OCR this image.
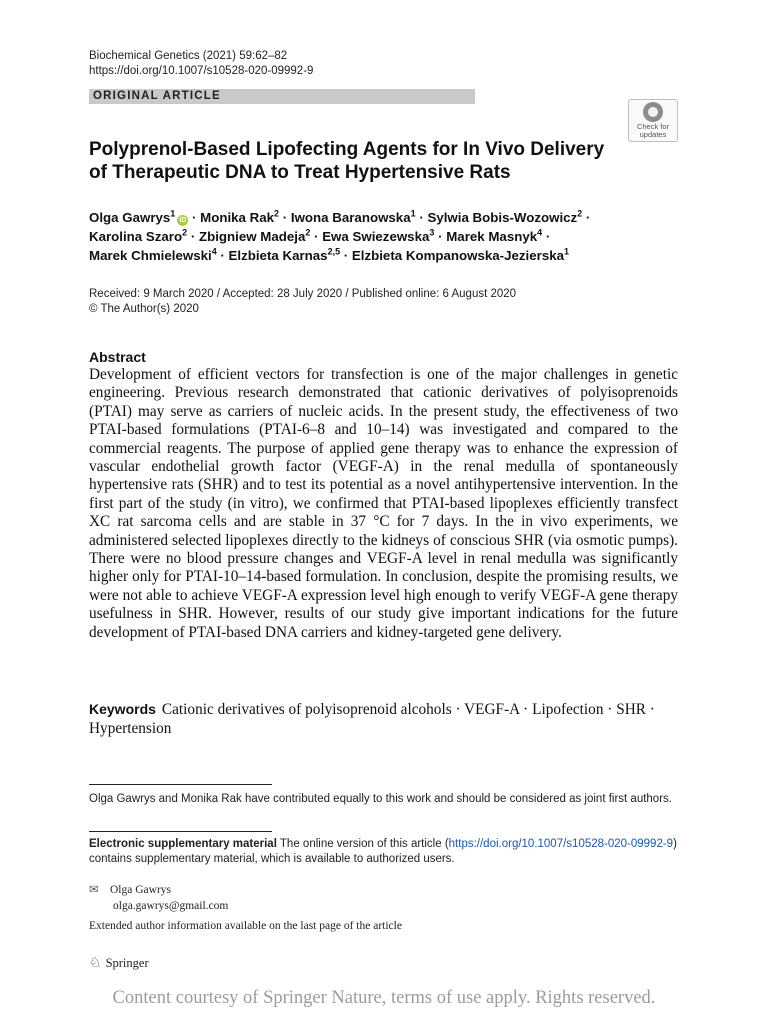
Biochemical Genetics (2021) 59:62–82
https://doi.org/10.1007/s10528-020-09992-9
ORIGINAL ARTICLE
Check for
updates
Polyprenol-Based Lipofecting Agents for In Vivo Delivery
of Therapeutic DNA to Treat Hypertensive Rats
Olga Gawrys$^1$iD · Monika Rak$^2$ · Iwona Baranowska$^1$ · Sylwia Bobis-Wozowicz$^2$ ·
Karolina Szaro$^2$ · Zbigniew Madeja$^2$ · Ewa Swiezewska$^3$ · Marek Masnyk$^4$ ·
Marek Chmielewski$^4$ · Elzbieta Karnas$^{2,5}$ · Elzbieta Kompanowska-Jezierska$^1$
Received: 9 March 2020 / Accepted: 28 July 2020 / Published online: 6 August 2020
© The Author(s) 2020
Abstract
Development of efficient vectors for transfection is one of the major challenges in genetic engineering. Previous research demonstrated that cationic derivatives of polyisoprenoids (PTAI) may serve as carriers of nucleic acids. In the present study, the effectiveness of two PTAI-based formulations (PTAI-6–8 and 10–14) was investigated and compared to the commercial reagents. The purpose of applied gene therapy was to enhance the expression of vascular endothelial growth factor (VEGF-A) in the renal medulla of spontaneously hypertensive rats (SHR) and to test its potential as a novel antihypertensive intervention. In the first part of the study (in vitro), we confirmed that PTAI-based lipoplexes efficiently transfect XC rat sarcoma cells and are stable in 37 °C for 7 days. In the in vivo experiments, we administered selected lipoplexes directly to the kidneys of conscious SHR (via osmotic pumps). There were no blood pressure changes and VEGF-A level in renal medulla was significantly higher only for PTAI-10–14-based formulation. In conclusion, despite the promising results, we were not able to achieve VEGF-A expression level high enough to verify VEGF-A gene therapy usefulness in SHR. However, results of our study give important indications for the future development of PTAI-based DNA carriers and kidney-targeted gene delivery.
Keywords Cationic derivatives of polyisoprenoid alcohols · VEGF-A · Lipofection · SHR · Hypertension
Olga Gawrys and Monika Rak have contributed equally to this work and should be considered as joint first authors.
Electronic supplementary material The online version of this article (https://doi.org/10.1007/s10528-020-09992-9) contains supplementary material, which is available to authorized users.
✉ Olga Gawrys
olga.gawrys@gmail.com
Extended author information available on the last page of the article
♘ Springer
Content courtesy of Springer Nature, terms of use apply. Rights reserved.
